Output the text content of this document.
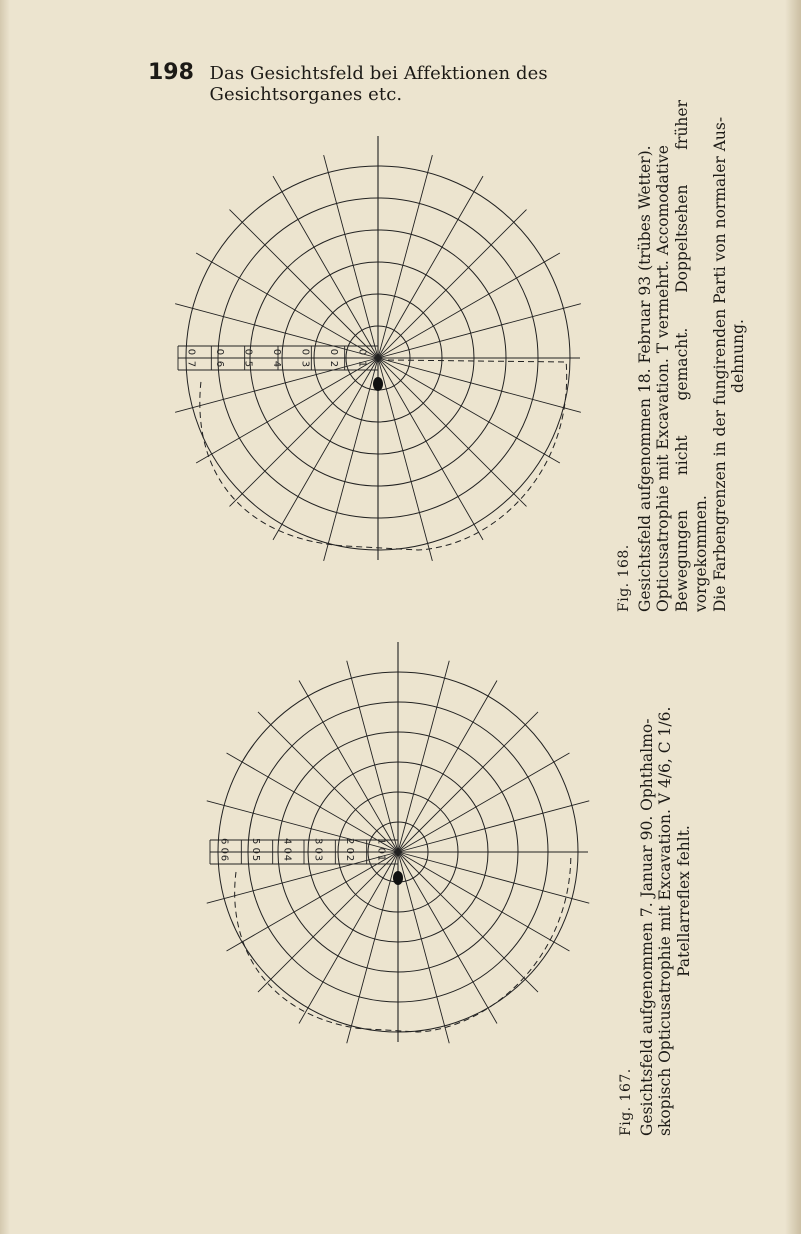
198 Das Gesichtsfeld bei Affektionen des Gesichtsorganes etc.
0 0 0 0 0 0 0
7 6 5 4 3 2 1
6 0 5 0 4 0 3 0 2 0 1 0
6 5 4 3 2 1
Fig. 168. Gesichtsfeld aufgenommen 18. Februar 93 (trübes Wetter). Opticusatrophie mit Excavation. T vermehrt. Accomodative Bewegungen nicht gemacht. Doppeltsehen früher vorgekommen. Die Farbengrenzen in der fungirenden Parti von normaler Aus- dehnung.
Fig. 167. Gesichtsfeld aufgenommen 7. Januar 90. Ophthalmo- skopisch Opticusatrophie mit Excavation. V 4/6, C 1/6. Patellarreflex fehlt.
